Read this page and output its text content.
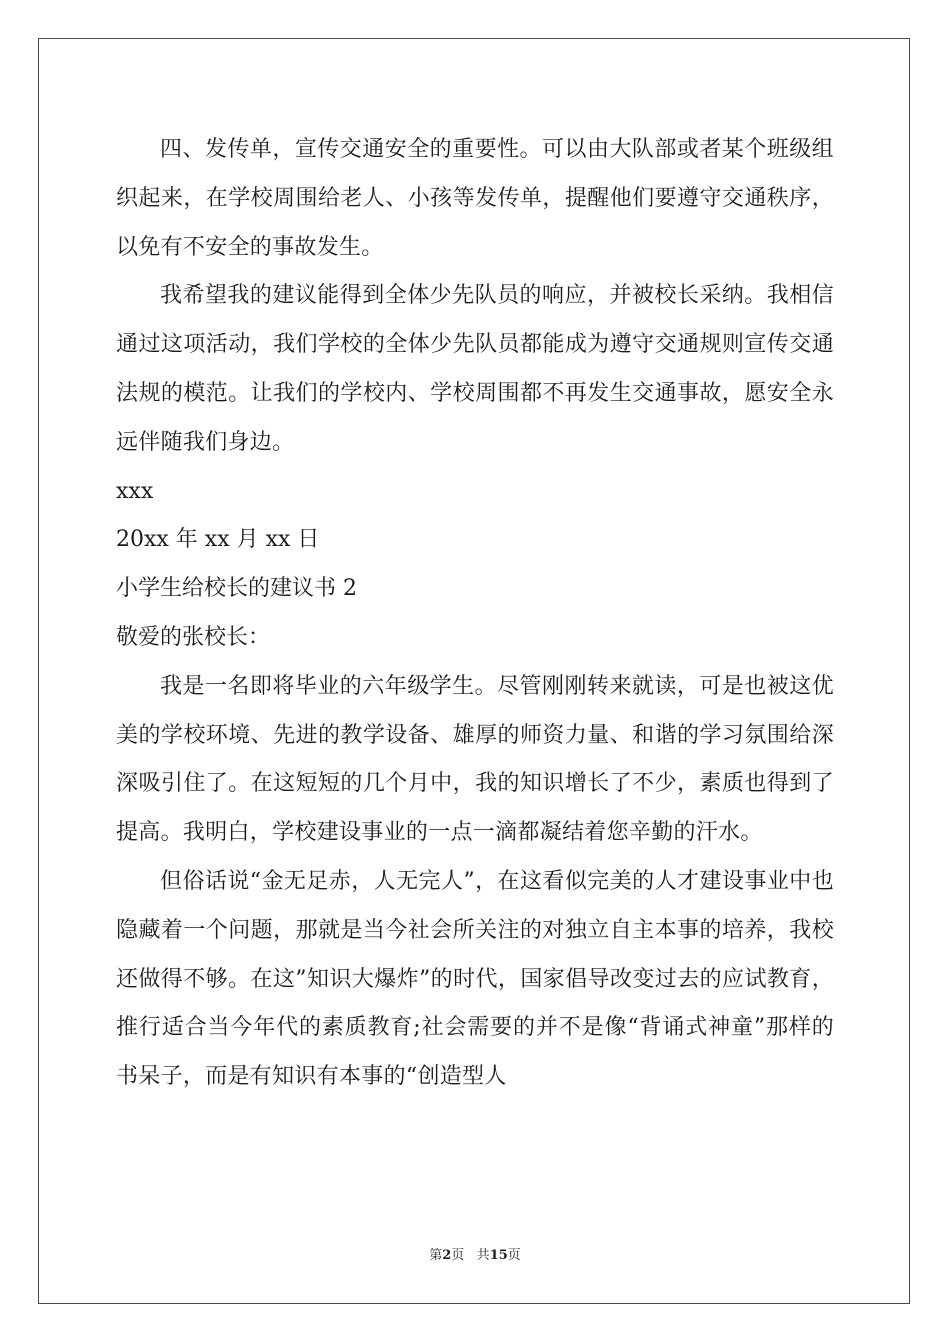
四、发传单，宣传交通安全的重要性。可以由大队部或者某个班级组织起来，在学校周围给老人、小孩等发传单，提醒他们要遵守交通秩序，以免有不安全的事故发生。

我希望我的建议能得到全体少先队员的响应，并被校长采纳。我相信通过这项活动，我们学校的全体少先队员都能成为遵守交通规则宣传交通法规的模范。让我们的学校内、学校周围都不再发生交通事故，愿安全永远伴随我们身边。

xxx

20xx 年 xx 月 xx 日

小学生给校长的建议书 2

敬爱的张校长：

我是一名即将毕业的六年级学生。尽管刚刚转来就读，可是也被这优美的学校环境、先进的教学设备、雄厚的师资力量、和谐的学习氛围给深深吸引住了。在这短短的几个月中，我的知识增长了不少，素质也得到了提高。我明白，学校建设事业的一点一滴都凝结着您辛勤的汗水。

但俗话说“金无足赤，人无完人”，在这看似完美的人才建设事业中也隐藏着一个问题，那就是当今社会所关注的对独立自主本事的培养，我校还做得不够。在这”知识大爆炸”的时代，国家倡导改变过去的应试教育，推行适合当今年代的素质教育;社会需要的并不是像“背诵式神童”那样的书呆子，而是有知识有本事的“创造型人

第2页 共15页
